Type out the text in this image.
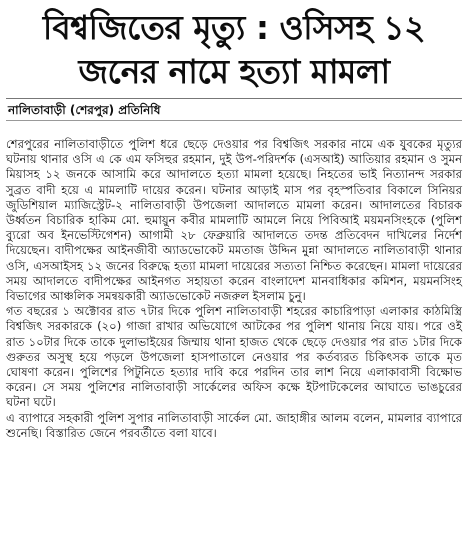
বিশ্বজিতের মৃত্যু : ওসিসহ ১২
জনের নামে হত্যা মামলা
নালিতাবাড়ী (শেরপুর) প্রতিনিধি

শেরপুরের নালিতাবাড়ীতে পুলিশ ধরে ছেড়ে দেওয়ার পর বিশ্বজিৎ সরকার নামে এক যুবকের মৃত্যুর ঘটনায় থানার ওসি এ কে এম ফসিহুর রহমান, দুই উপ-পরিদর্শক (এসআই) আতিয়ার রহমান ও সুমন মিয়াসহ ১২ জনকে আসামি করে আদালতে হত্যা মামলা হয়েছে। নিহতের ভাই নিত্যানন্দ সরকার সুব্রত বাদী হয়ে এ মামলাটি দায়ের করেন। ঘটনার আড়াই মাস পর বৃহস্পতিবার বিকালে সিনিয়র জুডিশিয়াল ম্যাজিস্ট্রেট-২ নালিতাবাড়ী উপজেলা আদালতে মামলা করেন। আদালতের বিচারক উর্ধ্বতন বিচারিক হাকিম মো. হুমায়ুন কবীর মামলাটি আমলে নিয়ে পিবিআই ময়মনসিংহকে (পুলিশ ব্যুরো অব ইনভেস্টিগেশন) আগামী ২৮ ফেব্রুয়ারি আদালতে তদন্ত প্রতিবেদন দাখিলের নির্দেশ দিয়েছেন। বাদীপক্ষের আইনজীবী অ্যাডভোকেট মমতাজ উদ্দিন মুন্না আদালতে নালিতাবাড়ী থানার ওসি, এসআইসহ ১২ জনের বিরুদ্ধে হত্যা মামলা দায়েরের সত্যতা নিশ্চিত করেছেন। মামলা দায়েরের সময় আদালতে বাদীপক্ষের আইনগত সহায়তা করেন বাংলাদেশ মানবাধিকার কমিশন, ময়মনসিংহ বিভাগের আঞ্চলিক সমন্বয়কারী অ্যাডভোকেট নজরুল ইসলাম চুনু।

গত বছরের ১ অক্টোবর রাত ৭টার দিকে পুলিশ নালিতাবাড়ী শহরের কাচারিপাড়া এলাকার কাঠমিস্ত্রি বিশ্বজিৎ সরকারকে (২০) গাজা রাখার অভিযোগে আটকের পর পুলিশ থানায় নিয়ে যায়। পরে ওই রাত ১০টার দিকে তাকে দুলাভাইয়ের জিম্মায় থানা হাজত থেকে ছেড়ে দেওয়ার পর রাত ১টার দিকে গুরুতর অসুস্থ হয়ে পড়লে উপজেলা হাসপাতালে নেওয়ার পর কর্তব্যরত চিকিৎসক তাকে মৃত ঘোষণা করেন। পুলিশের পিটুনিতে হত্যার দাবি করে পরদিন তার লাশ নিয়ে এলাকাবাসী বিক্ষোভ করেন। সে সময় পুলিশের নালিতাবাড়ী সার্কেলের অফিস কক্ষে ইটপাটকেলের আঘাতে ভাঙচুরের ঘটনা ঘটে।

এ ব্যাপারে সহকারী পুলিশ সুপার নালিতাবাড়ী সার্কেল মো. জাহাঙ্গীর আলম বলেন, মামলার ব্যাপারে শুনেছি। বিস্তারিত জেনে পরবর্তীতে বলা যাবে।
